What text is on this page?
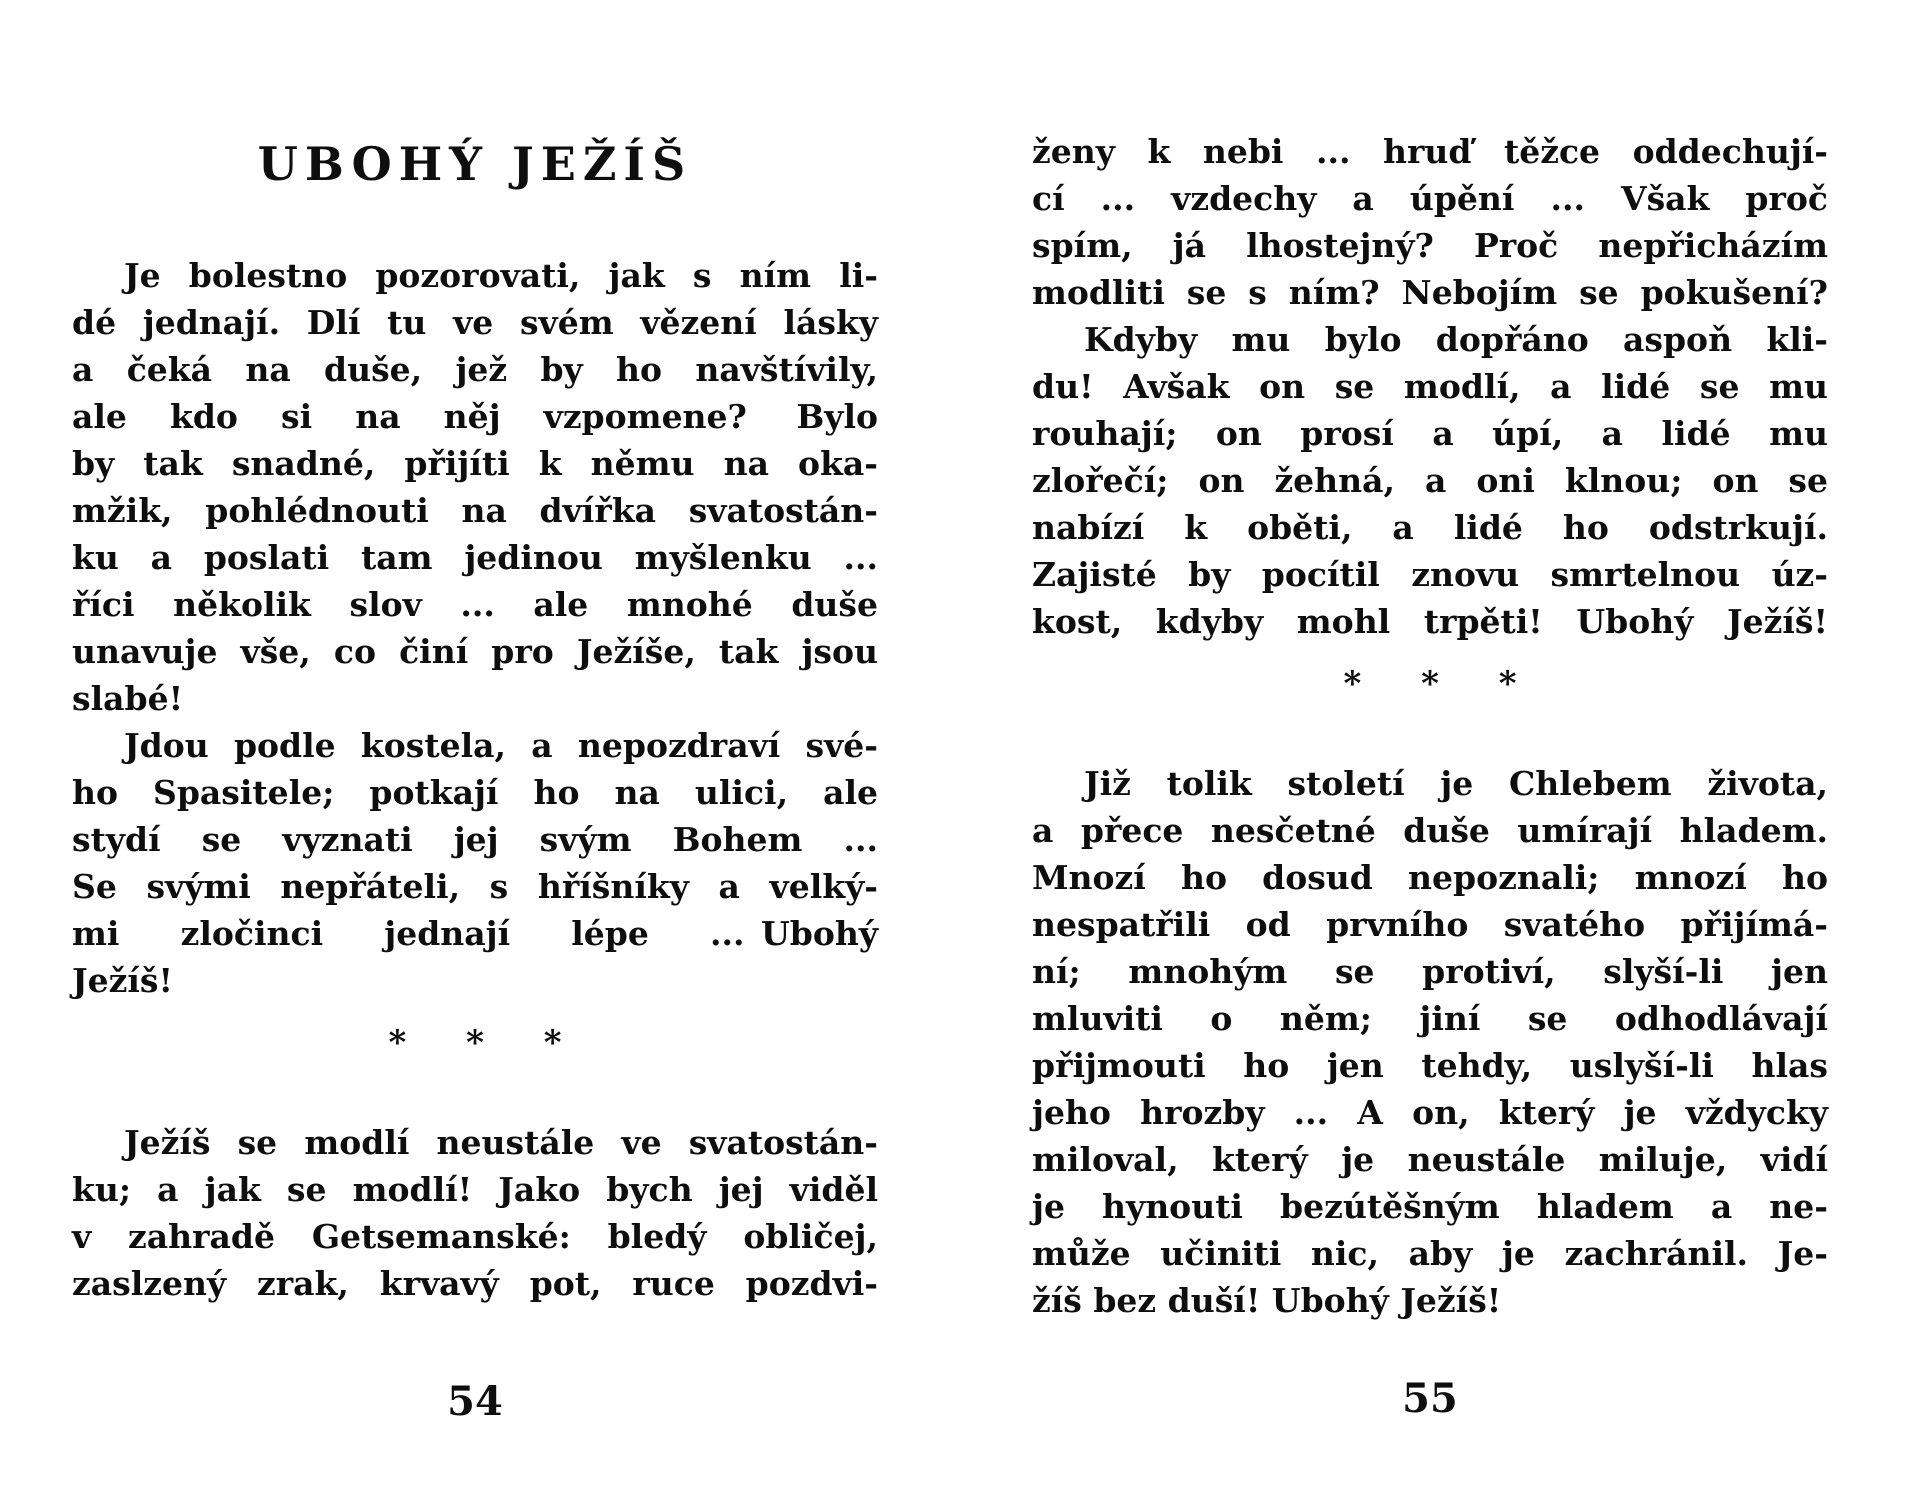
UBOHÝ JEŽÍŠ
Je bolestno pozorovati, jak s ním li-
dé jednají. Dlí tu ve svém vězení lásky
a čeká na duše, jež by ho navštívily,
ale kdo si na něj vzpomene?  Bylo
by tak snadné, přijíti k němu na oka-
mžik, pohlédnouti na dvířka svatostán-
ku a poslati tam jedinou myšlenku ...
říci několik slov ... ale mnohé duše
unavuje vše, co činí pro Ježíše, tak jsou
slabé!
Jdou podle kostela, a nepozdraví své-
ho Spasitele; potkají ho na ulici, ale
stydí se vyznati jej svým Bohem ...
Se svými nepřáteli, s hříšníky a velký-
mi zločinci jednají lépe ... Ubohý
Ježíš!
* * *
Ježíš se modlí neustále ve svatostán-
ku; a jak se modlí! Jako bych jej viděl
v zahradě Getsemanské: bledý obličej,
zaslzený zrak, krvavý pot, ruce pozdvi-
54
ženy k nebi ... hruď těžce oddechují-
cí ... vzdechy a úpění ... Však proč
spím, já lhostejný? Proč nepřicházím
modliti se s ním? Nebojím se pokušení?
Kdyby mu bylo dopřáno aspoň kli-
du! Avšak on se modlí, a lidé se mu
rouhají; on prosí a úpí, a lidé mu
zlořečí; on žehná, a oni klnou; on se
nabízí k oběti, a lidé ho odstrkují.
Zajisté by pocítil znovu smrtelnou úz-
kost, kdyby mohl trpěti! Ubohý Ježíš!
* * *
Již tolik století je Chlebem života,
a přece nesčetné duše umírají hladem.
Mnozí ho dosud nepoznali; mnozí ho
nespatřili od prvního svatého přijímá-
ní; mnohým se protiví, slyší-li jen
mluviti o něm; jiní se odhodlávají
přijmouti ho jen tehdy, uslyší-li hlas
jeho hrozby ... A on, který je vždycky
miloval, který je neustále miluje, vidí
je hynouti bezútěšným hladem a ne-
může učiniti nic, aby je zachránil. Je-
žíš bez duší! Ubohý Ježíš!
55
